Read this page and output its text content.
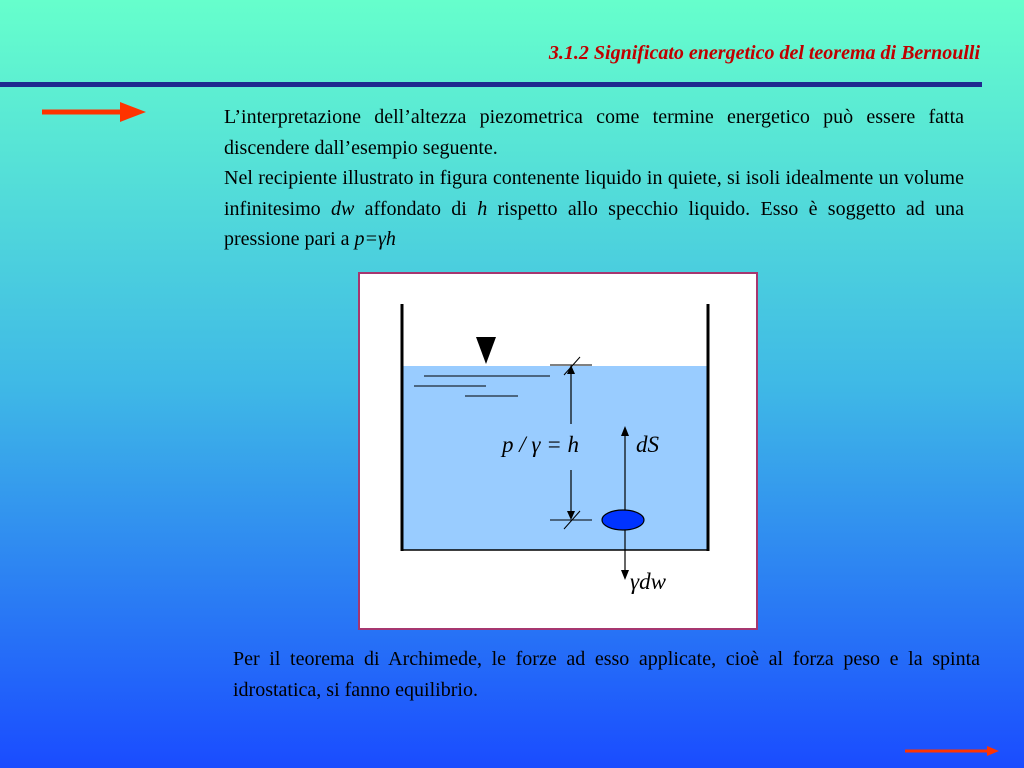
3.1.2 Significato energetico del teorema di Bernoulli

L’interpretazione dell’altezza piezometrica come termine energetico può essere fatta discendere dall’esempio seguente.
Nel recipiente illustrato in figura contenente liquido in quiete, si isoli idealmente un volume infinitesimo dw affondato di h rispetto allo specchio liquido. Esso è soggetto ad una pressione pari a p=γh

p / γ = h dS
γdw

Per il teorema di Archimede, le forze ad esso applicate, cioè al forza peso e la spinta idrostatica, si fanno equilibrio.
